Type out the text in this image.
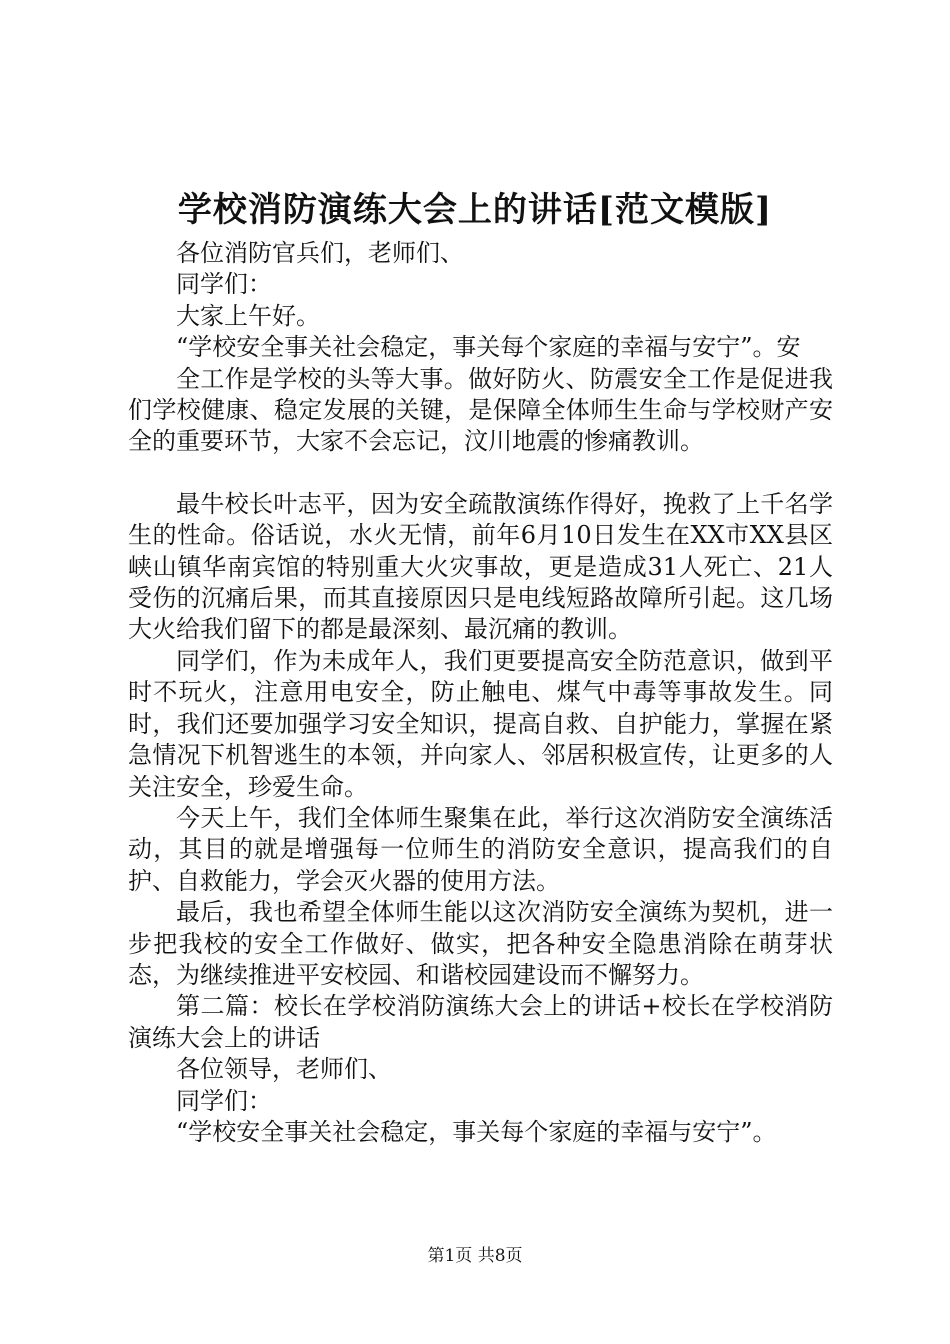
学校消防演练大会上的讲话[范文模版]

各位消防官兵们，老师们、

同学们：

大家上午好。

“学校安全事关社会稳定，事关每个家庭的幸福与安宁”。安

全工作是学校的头等大事。做好防火、防震安全工作是促进我们学校健康、稳定发展的关键，是保障全体师生生命与学校财产安全的重要环节，大家不会忘记，汶川地震的惨痛教训。

最牛校长叶志平，因为安全疏散演练作得好，挽救了上千名学生的性命。俗话说，水火无情，前年6月10日发生在XX市XX县区峡山镇华南宾馆的特别重大火灾事故，更是造成31人死亡、21人受伤的沉痛后果，而其直接原因只是电线短路故障所引起。这几场大火给我们留下的都是最深刻、最沉痛的教训。

同学们，作为未成年人，我们更要提高安全防范意识，做到平时不玩火，注意用电安全，防止触电、煤气中毒等事故发生。同时，我们还要加强学习安全知识，提高自救、自护能力，掌握在紧急情况下机智逃生的本领，并向家人、邻居积极宣传，让更多的人关注安全，珍爱生命。

今天上午，我们全体师生聚集在此，举行这次消防安全演练活动，其目的就是增强每一位师生的消防安全意识，提高我们的自护、自救能力，学会灭火器的使用方法。

最后，我也希望全体师生能以这次消防安全演练为契机，进一步把我校的安全工作做好、做实，把各种安全隐患消除在萌芽状态，为继续推进平安校园、和谐校园建设而不懈努力。

第二篇：校长在学校消防演练大会上的讲话+校长在学校消防演练大会上的讲话

各位领导，老师们、

同学们：

“学校安全事关社会稳定，事关每个家庭的幸福与安宁”。

第1页 共8页
